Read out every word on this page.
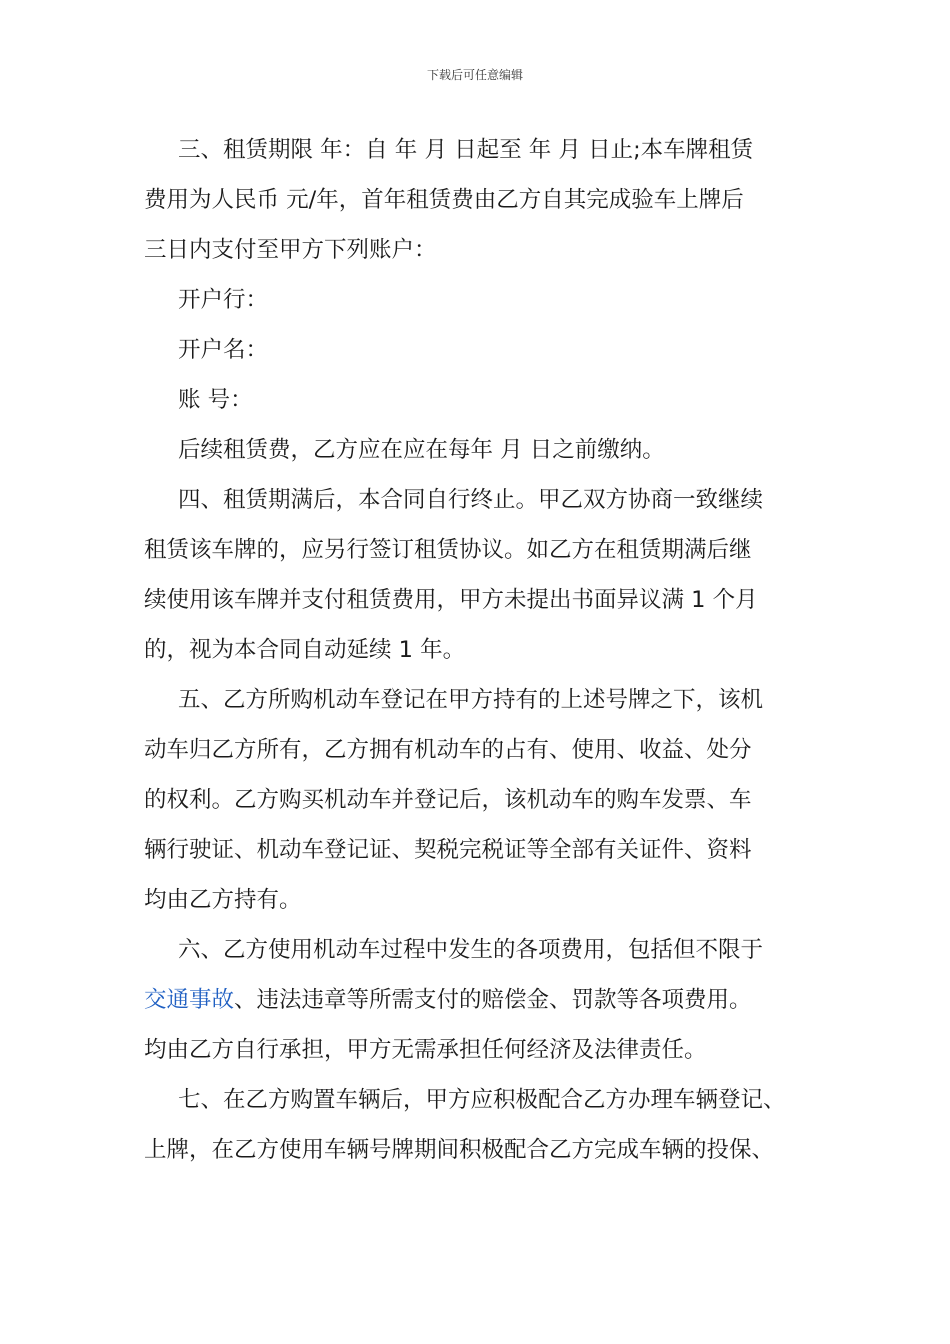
下载后可任意编辑
三、租赁期限 年：自 年 月 日起至 年 月 日止;本车牌租赁
费用为人民币 元/年，首年租赁费由乙方自其完成验车上牌后
三日内支付至甲方下列账户：
开户行：
开户名：
账 号：
后续租赁费，乙方应在应在每年 月 日之前缴纳。
四、租赁期满后，本合同自行终止。甲乙双方协商一致继续
租赁该车牌的，应另行签订租赁协议。如乙方在租赁期满后继
续使用该车牌并支付租赁费用，甲方未提出书面异议满 1 个月
的，视为本合同自动延续 1 年。
五、乙方所购机动车登记在甲方持有的上述号牌之下，该机
动车归乙方所有，乙方拥有机动车的占有、使用、收益、处分
的权利。乙方购买机动车并登记后，该机动车的购车发票、车
辆行驶证、机动车登记证、契税完税证等全部有关证件、资料
均由乙方持有。
六、乙方使用机动车过程中发生的各项费用，包括但不限于
交通事故、违法违章等所需支付的赔偿金、罚款等各项费用。
均由乙方自行承担，甲方无需承担任何经济及法律责任。
七、在乙方购置车辆后，甲方应积极配合乙方办理车辆登记、
上牌，在乙方使用车辆号牌期间积极配合乙方完成车辆的投保、
